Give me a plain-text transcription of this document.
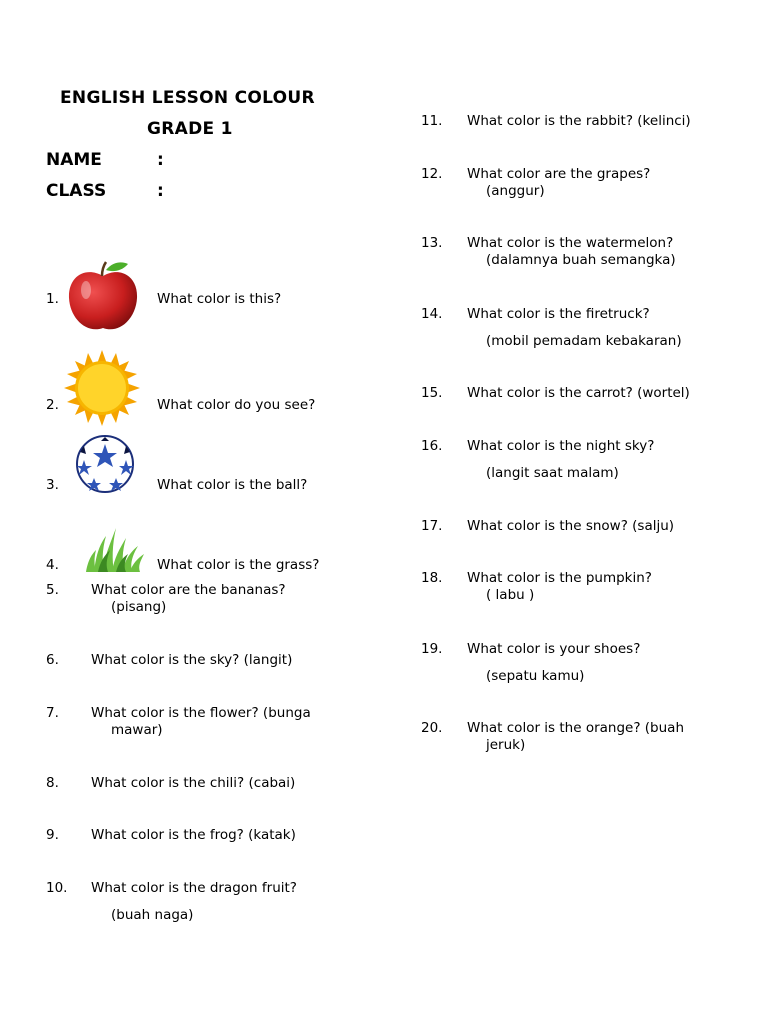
ENGLISH LESSON COLOUR
GRADE 1
NAME	:
CLASS	:
1.	What color is this?
2.	What color do you see?
3.	What color is the ball?
4.	What color is the grass?
5. What color are the bananas?
(pisang)
6. What color is the sky? (langit)
7. What color is the flower? (bunga
mawar)
8. What color is the chili? (cabai)
9. What color is the frog? (katak)
10. What color is the dragon fruit?
(buah naga)
11. What color is the rabbit? (kelinci)
12. What color are the grapes?
(anggur)
13. What color is the watermelon?
(dalamnya buah semangka)
14. What color is the firetruck?
(mobil pemadam kebakaran)
15. What color is the carrot? (wortel)
16. What color is the night sky?
(langit saat malam)
17. What color is the snow? (salju)
18. What color is the pumpkin?
( labu )
19. What color is your shoes?
(sepatu kamu)
20. What color is the orange? (buah
jeruk)
